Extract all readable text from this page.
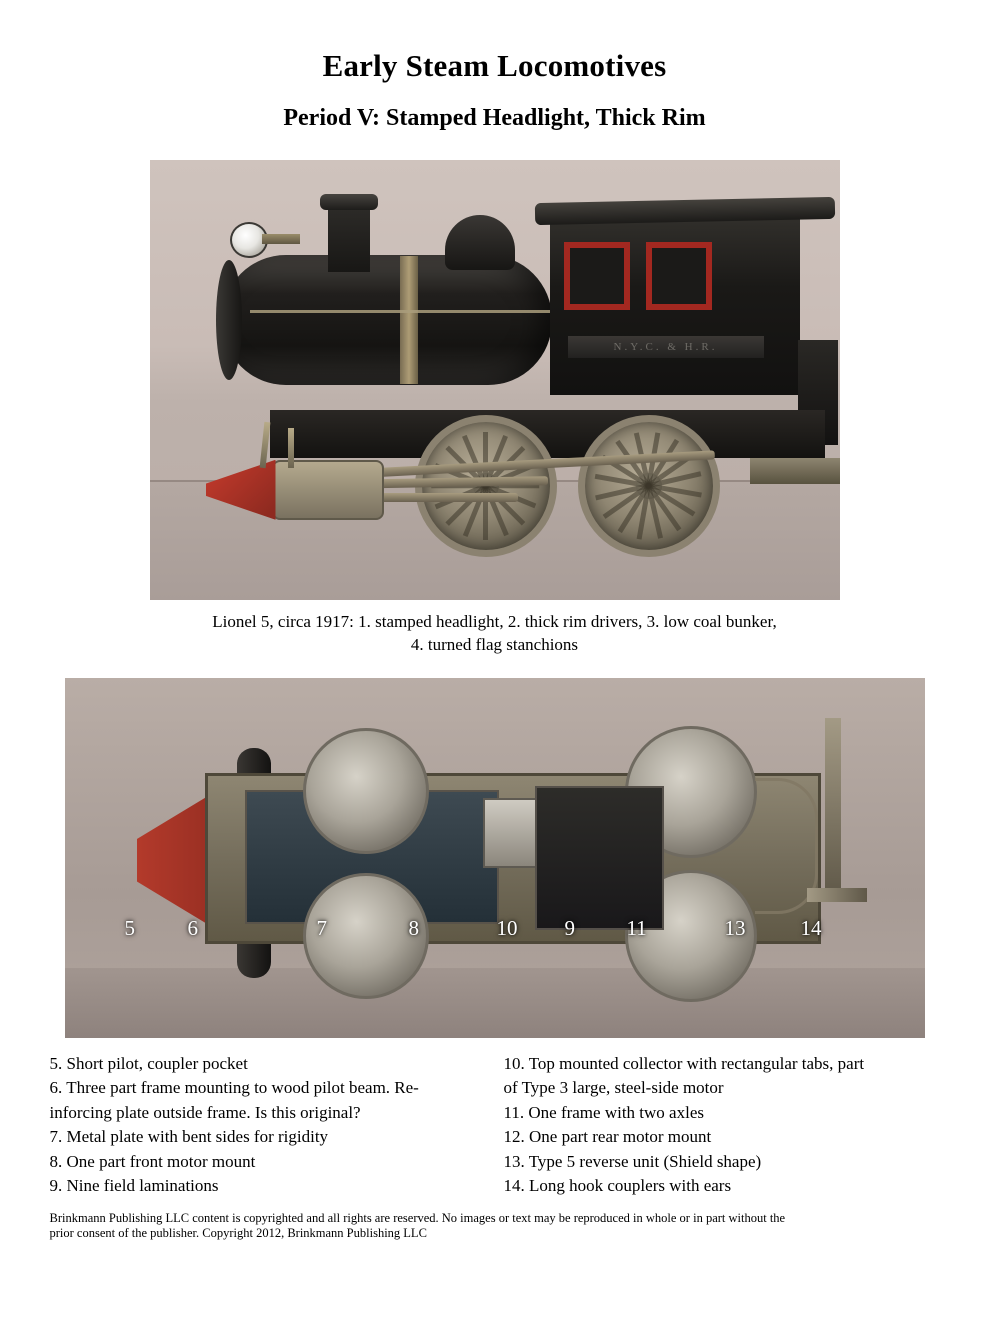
Early Steam Locomotives
Period V: Stamped Headlight, Thick Rim
N.Y.C. & H.R.
Lionel 5, circa 1917: 1. stamped headlight, 2. thick rim drivers, 3. low coal bunker,
4. turned flag stanchions
5	6	7	8	10 9 11	13	14

5. Short pilot, coupler pocket

6. Three part frame mounting to wood pilot beam. Re-

inforcing plate outside frame. Is this original?

7. Metal plate with bent sides for rigidity

8. One part front motor mount

9. Nine field laminations

10. Top mounted collector with rectangular tabs, part

of Type 3 large, steel-side motor

11. One frame with two axles

12. One part rear motor mount

13. Type 5 reverse unit (Shield shape)

14. Long hook couplers with ears

Brinkmann Publishing LLC content is copyrighted and all rights are reserved. No images or text may be reproduced in whole or in part without the
prior consent of the publisher. Copyright 2012, Brinkmann Publishing LLC
